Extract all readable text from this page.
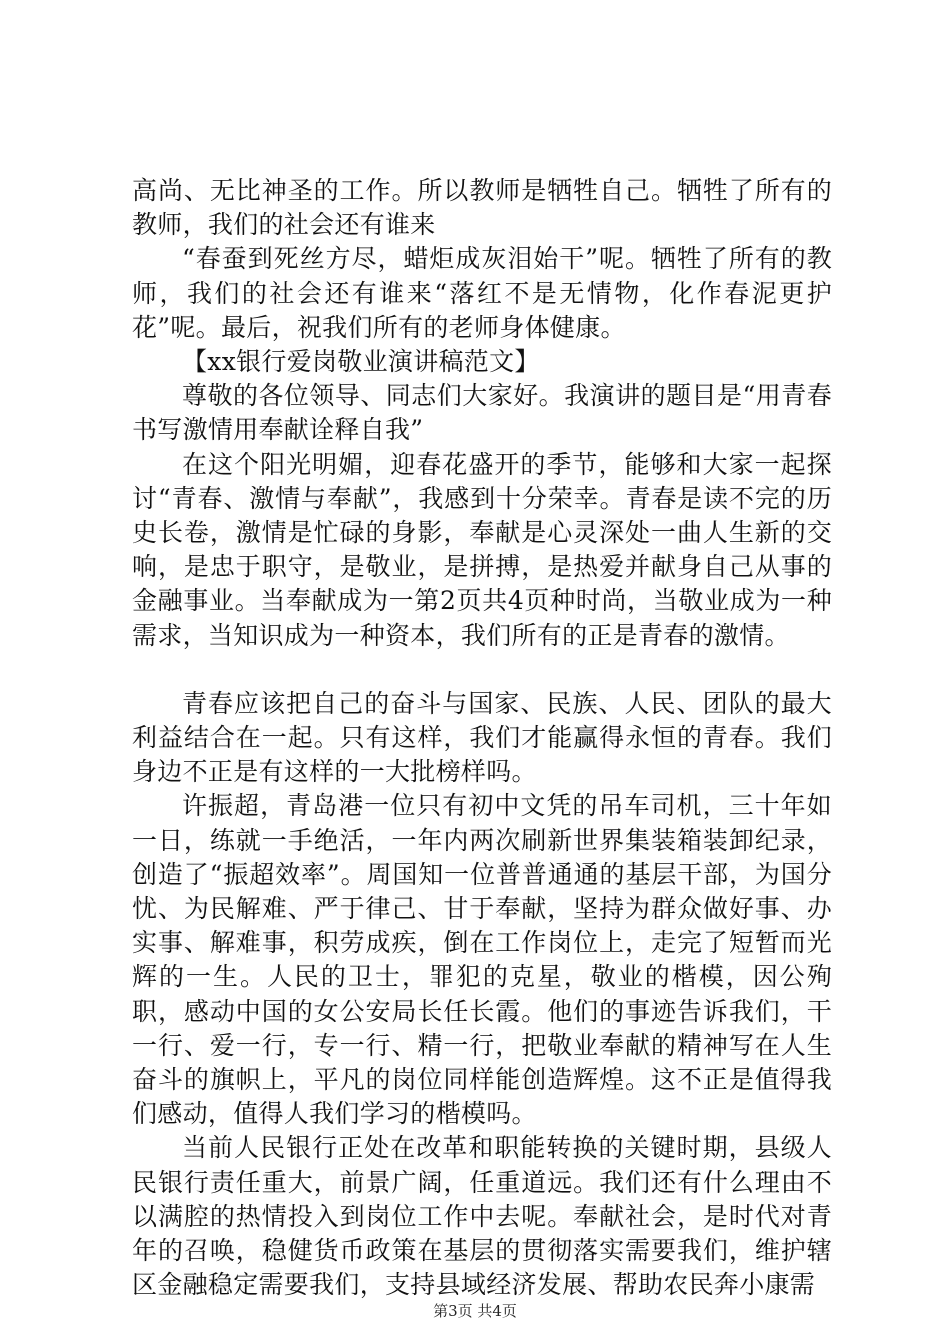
高尚、无比神圣的工作。所以教师是牺牲自己。牺牲了所有的教师，我们的社会还有谁来

“春蚕到死丝方尽，蜡炬成灰泪始干”呢。牺牲了所有的教师，我们的社会还有谁来“落红不是无情物，化作春泥更护花”呢。最后，祝我们所有的老师身体健康。

【xx银行爱岗敬业演讲稿范文】

尊敬的各位领导、同志们大家好。我演讲的题目是“用青春书写激情用奉献诠释自我”

在这个阳光明媚，迎春花盛开的季节，能够和大家一起探讨“青春、激情与奉献”，我感到十分荣幸。青春是读不完的历史长卷，激情是忙碌的身影，奉献是心灵深处一曲人生新的交响，是忠于职守，是敬业，是拼搏，是热爱并献身自己从事的金融事业。当奉献成为一第2页共4页种时尚，当敬业成为一种需求，当知识成为一种资本，我们所有的正是青春的激情。

青春应该把自己的奋斗与国家、民族、人民、团队的最大利益结合在一起。只有这样，我们才能赢得永恒的青春。我们身边不正是有这样的一大批榜样吗。

许振超，青岛港一位只有初中文凭的吊车司机，三十年如一日，练就一手绝活，一年内两次刷新世界集装箱装卸纪录，创造了“振超效率”。周国知一位普普通通的基层干部，为国分忧、为民解难、严于律己、甘于奉献，坚持为群众做好事、办实事、解难事，积劳成疾，倒在工作岗位上，走完了短暂而光辉的一生。人民的卫士，罪犯的克星，敬业的楷模，因公殉职，感动中国的女公安局长任长霞。他们的事迹告诉我们，干一行、爱一行，专一行、精一行，把敬业奉献的精神写在人生奋斗的旗帜上，平凡的岗位同样能创造辉煌。这不正是值得我们感动，值得人我们学习的楷模吗。

当前人民银行正处在改革和职能转换的关键时期，县级人民银行责任重大，前景广阔，任重道远。我们还有什么理由不以满腔的热情投入到岗位工作中去呢。奉献社会，是时代对青年的召唤，稳健货币政策在基层的贯彻落实需要我们，维护辖区金融稳定需要我们，支持县域经济发展、帮助农民奔小康需

第3页 共4页
